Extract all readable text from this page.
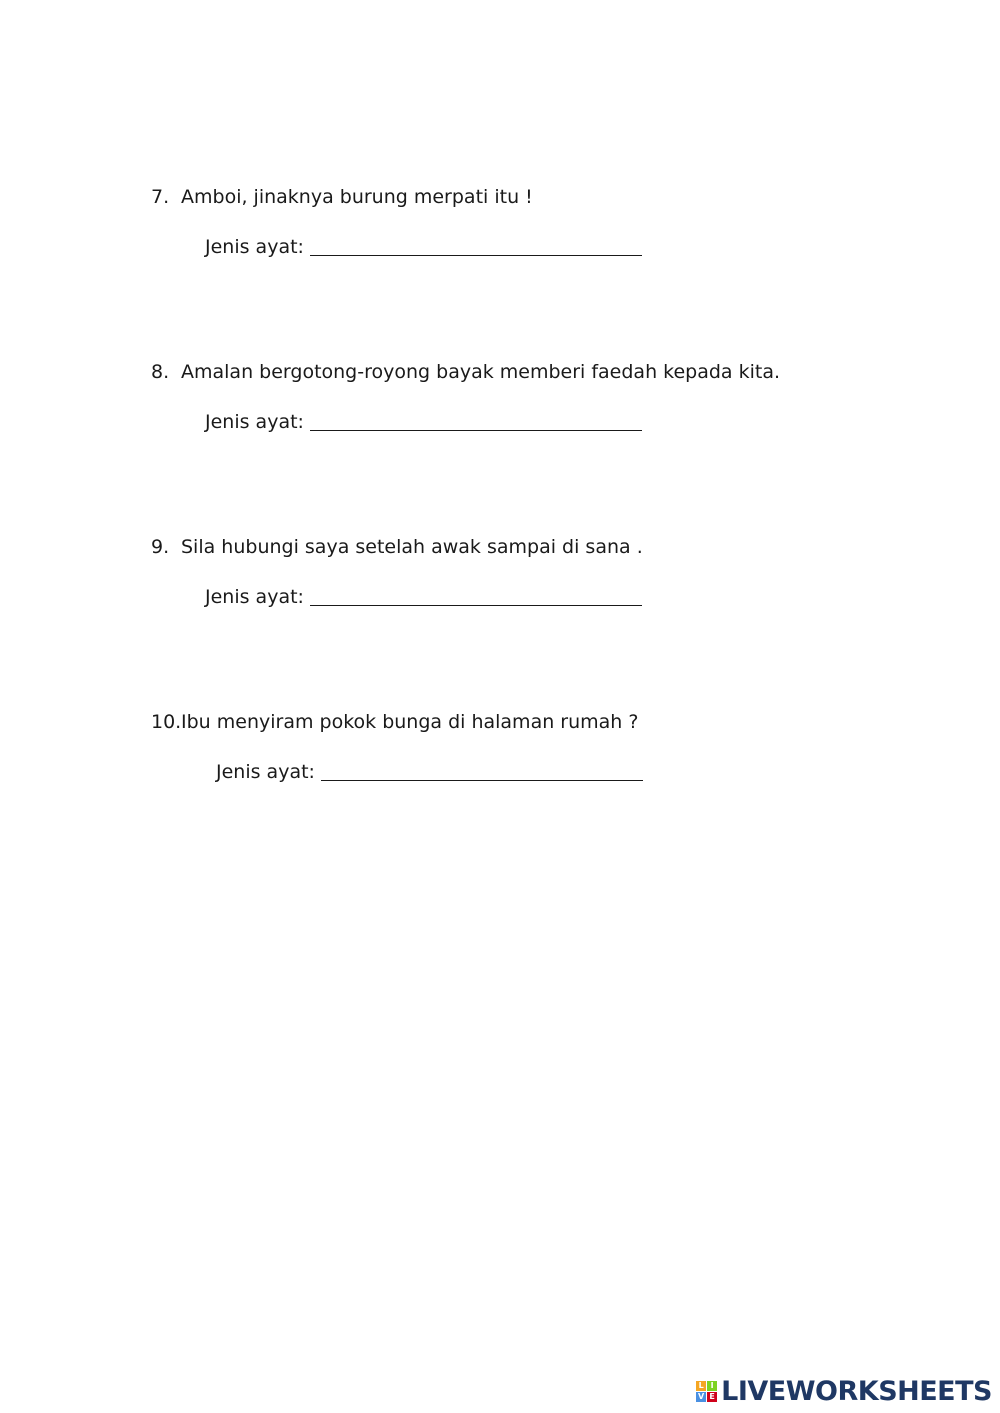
7. Amboi, jinaknya burung merpati itu !
Jenis ayat:
8. Amalan bergotong-royong bayak memberi faedah kepada kita.
Jenis ayat:
9. Sila hubungi saya setelah awak sampai di sana .
Jenis ayat:
10.Ibu menyiram pokok bunga di halaman rumah ?
Jenis ayat:
L I
V E LIVEWORKSHEETS
